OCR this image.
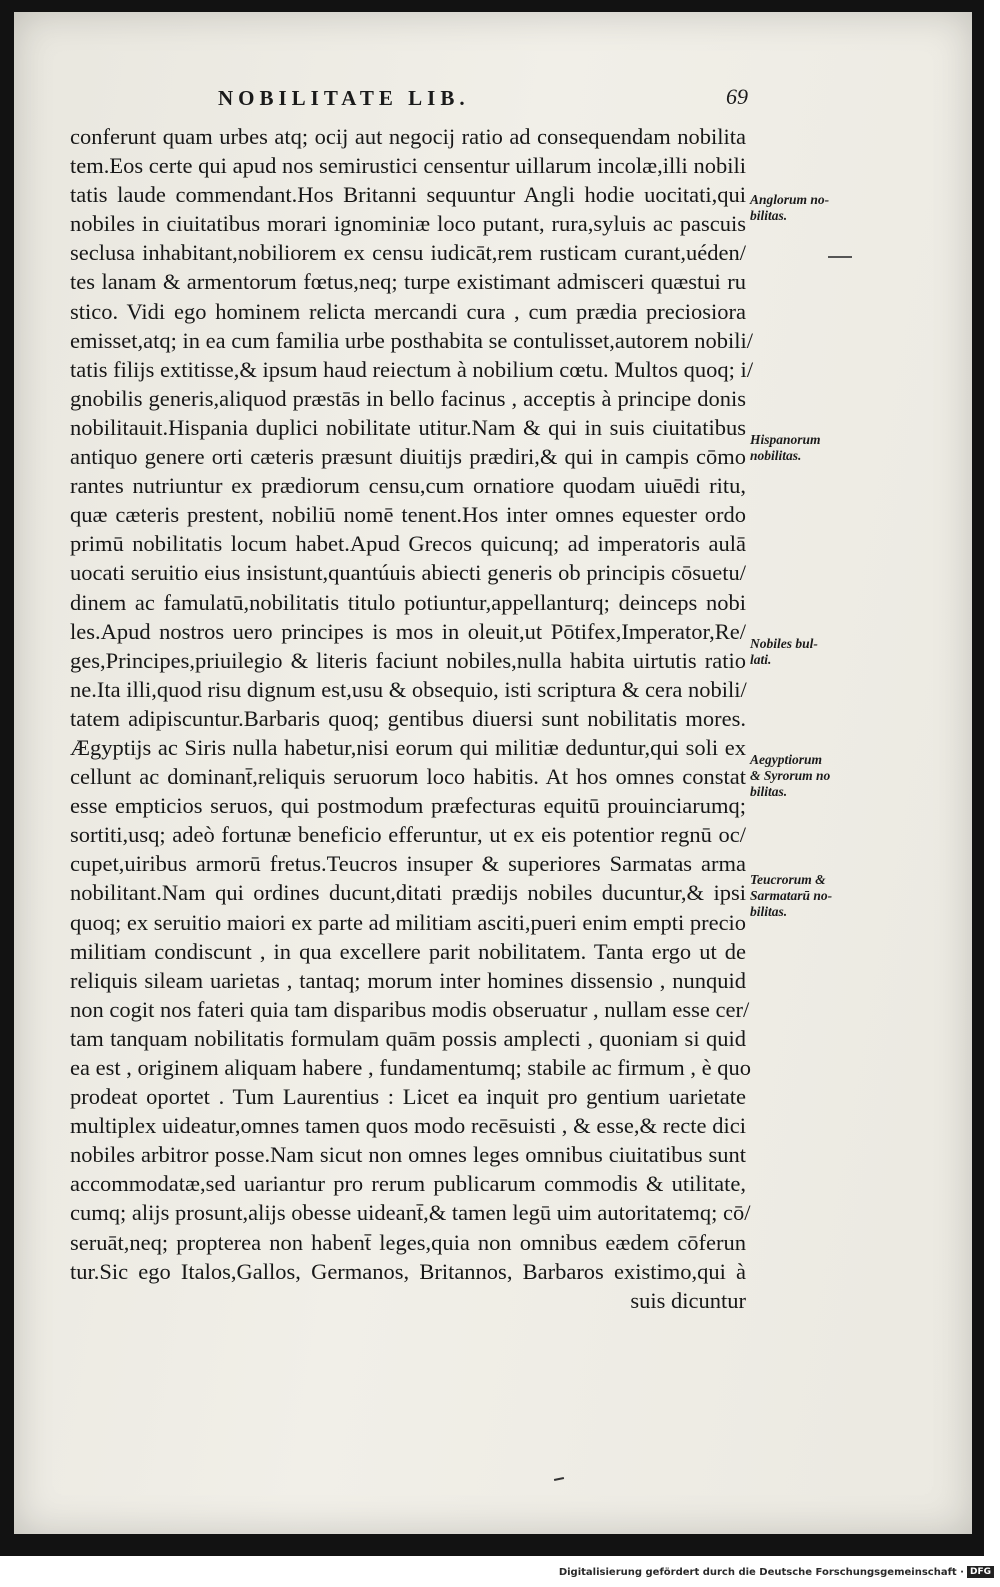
NOBILITATE LIB.	69
conferunt quam urbes atq; ocij aut negocij ratio ad consequendam nobilita
tem.Eos certe qui apud nos semirustici censentur uillarum incolæ,illi nobili
tatis laude commendant.Hos Britanni sequuntur Angli hodie uocitati,qui
nobiles in ciuitatibus morari ignominiæ loco putant, rura,syluis ac pascuis
seclusa inhabitant,nobiliorem ex censu iudicāt,rem rusticam curant,uéden/
tes lanam & armentorum fœtus,neq; turpe existimant admisceri quæstui ru
stico. Vidi ego hominem relicta mercandi cura , cum prædia preciosiora
emisset,atq; in ea cum familia urbe posthabita se contulisset,autorem nobili/
tatis filijs extitisse,& ipsum haud reiectum à nobilium cœtu. Multos quoq; i/
gnobilis generis,aliquod præstās in bello facinus , acceptis à principe donis
nobilitauit.Hispania duplici nobilitate utitur.Nam & qui in suis ciuitatibus
antiquo genere orti cæteris præsunt diuitijs prædiri,& qui in campis cōmo
rantes nutriuntur ex prædiorum censu,cum ornatiore quodam uiuēdi ritu,
quæ cæteris prestent, nobiliū nomē tenent.Hos inter omnes equester ordo
primū nobilitatis locum habet.Apud Grecos quicunq; ad imperatoris aulā
uocati seruitio eius insistunt,quantúuis abiecti generis ob principis cōsuetu/
dinem ac famulatū,nobilitatis titulo potiuntur,appellanturq; deinceps nobi
les.Apud nostros uero principes is mos in oleuit,ut Pōtifex,Imperator,Re/
ges,Principes,priuilegio & literis faciunt nobiles,nulla habita uirtutis ratio
ne.Ita illi,quod risu dignum est,usu & obsequio, isti scriptura & cera nobili/
tatem adipiscuntur.Barbaris quoq; gentibus diuersi sunt nobilitatis mores.
Ægyptijs ac Siris nulla habetur,nisi eorum qui militiæ deduntur,qui soli ex
cellunt ac dominant̄,reliquis seruorum loco habitis. At hos omnes constat
esse empticios seruos, qui postmodum præfecturas equitū prouinciarumq;
sortiti,usq; adeò fortunæ beneficio efferuntur, ut ex eis potentior regnū oc/
cupet,uiribus armorū fretus.Teucros insuper & superiores Sarmatas arma
nobilitant.Nam qui ordines ducunt,ditati prædijs nobiles ducuntur,& ipsi
quoq; ex seruitio maiori ex parte ad militiam asciti,pueri enim empti precio
militiam condiscunt , in qua excellere parit nobilitatem. Tanta ergo ut de
reliquis sileam uarietas , tantaq; morum inter homines dissensio , nunquid
non cogit nos fateri quia tam disparibus modis obseruatur , nullam esse cer/
tam tanquam nobilitatis formulam quām possis amplecti , quoniam si quid
ea est , originem aliquam habere , fundamentumq; stabile ac firmum , è quo
prodeat oportet . Tum Laurentius : Licet ea inquit pro gentium uarietate
multiplex uideatur,omnes tamen quos modo recēsuisti , & esse,& recte dici
nobiles arbitror posse.Nam sicut non omnes leges omnibus ciuitatibus sunt
accommodatæ,sed uariantur pro rerum publicarum commodis & utilitate,
cumq; alijs prosunt,alijs obesse uideant̄,& tamen legū uim autoritatemq; cō/
seruāt,neq; propterea non habent̄ leges,quia non omnibus eædem cōferun
tur.Sic ego Italos,Gallos, Germanos, Britannos, Barbaros existimo,qui à
suis dicuntur
Anglorum no-
bilitas.
Hispanorum
nobilitas.
Nobiles bul-
lati.
Aegyptiorum
& Syrorum no
bilitas.
Teucrorum &
Sarmatarū no-
bilitas.
Digitalisierung gefördert durch die Deutsche Forschungsgemeinschaft · DFG
